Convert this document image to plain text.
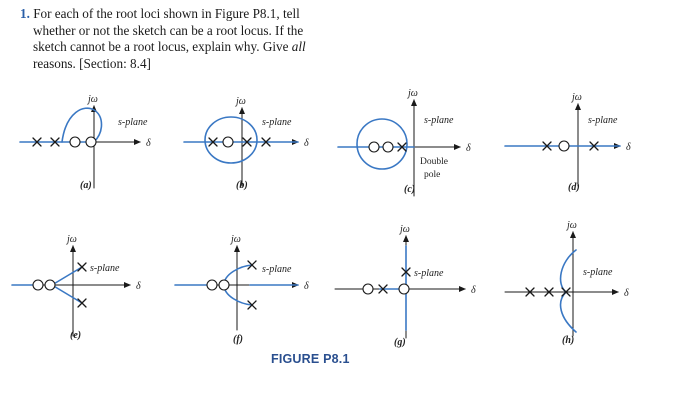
1. For each of the root loci shown in Figure P8.1, tell
whether or not the sketch can be a root locus. If the
sketch cannot be a root locus, explain why. Give all
reasons. [Section: 8.4]
jω
δ
s-plane
(a)
jω
δ
s-plane
(b)
jω
δ
s-plane
(c)
Double
pole
jω
δ
s-plane
(d)
jω
δ
s-plane
(e)
jω
δ
s-plane
(f)
jω
δ
s-plane
(g)
jω
δ
s-plane
(h)
FIGURE P8.1
